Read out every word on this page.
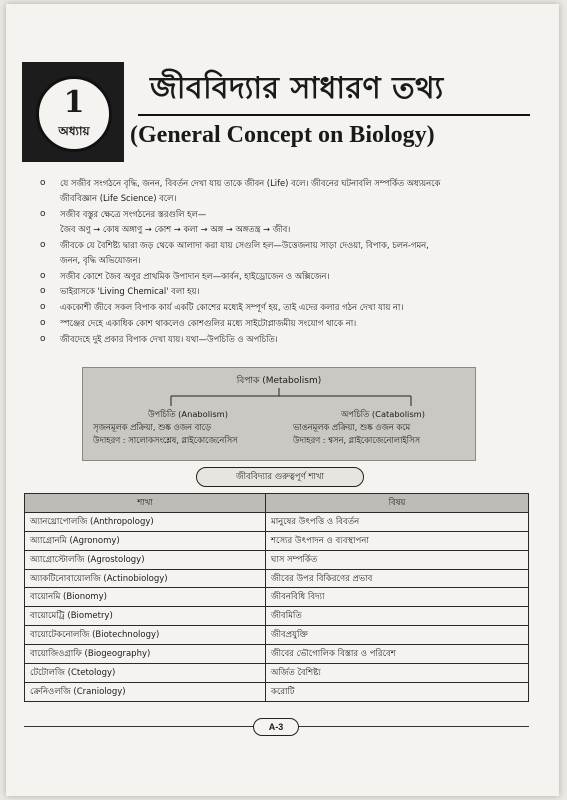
1
অধ্যায়
জীববিদ্যার সাধারণ তথ্য
(General Concept on Biology)
o যে সজীব সংগঠনে বৃদ্ধি, জনন, বিবর্তন দেখা যায় তাকে জীবন (Life) বলে। জীবনের ঘটনাবলি সম্পর্কিত অধ্যয়নকে
জীববিজ্ঞান (Life Science) বলে।
o সজীব বস্তুর ক্ষেত্রে সংগঠনের স্তরগুলি হল—
জৈব অণু → কোষ অঙ্গাণু → কোশ → কলা → অঙ্গ → অঙ্গতন্ত্র → জীব।
o জীবকে যে বৈশিষ্ট্য দ্বারা জড় থেকে আলাদা করা যায় সেগুলি হল—উত্তেজনায় সাড়া দেওয়া, বিপাক, চলন-গমন,
জনন, বৃদ্ধি অভিযোজন।
o সজীব কোশে জৈব অণুর প্রাথমিক উপাদান হল—কার্বন, হাইড্রোজেন ও অক্সিজেন।
o ভাইরাসকে 'Living Chemical' বলা হয়।
o এককোশী জীবে সকল বিপাক কার্য একটি কোশের মধ্যেই সম্পূর্ণ হয়, তাই এদের কলার গঠন দেখা যায় না।
o স্পঞ্জের দেহে একাধিক কোশ থাকলেও কোশগুলির মধ্যে সাইটোপ্লাজমীয় সংযোগ থাকে না।
o জীবদেহে দুই প্রকার বিপাক দেখা যায়। যথা—উপচিতি ও অপচিতি।
বিপাক (Metabolism)
উপচিতি (Anabolism)
সৃজনমূলক প্রক্রিয়া, শুষ্ক ওজন বাড়ে
উদাহরণ : সালোকসংশ্লেষ, গ্লাইকোজেনেসিস
অপচিতি (Catabolism)
ভাঙনমূলক প্রক্রিয়া, শুষ্ক ওজন কমে
উদাহরণ : শ্বসন, গ্লাইকোজেনোলাইসিস
জীববিদ্যার গুরুত্বপূর্ণ শাখা
শাখা	বিষয়
অ্যানথ্রোপোলজি (Anthropology)	মানুষের উৎপত্তি ও বিবর্তন
অ্যাগ্রোনমি (Agronomy)	শস্যের উৎপাদন ও ব্যবস্থাপনা
অ্যাগ্রোস্টোলজি (Agrostology)	ঘাস সম্পর্কিত
অ্যাকটিনোবায়োলজি (Actinobiology)	জীবের উপর বিকিরণের প্রভাব
বায়োনমি (Bionomy)	জীবনবিধি বিদ্যা
বায়োমেট্রি (Biometry)	জীবমিতি
বায়োটেকনোলজি (Biotechnology)	জীবপ্রযুক্তি
বায়োজিওগ্রাফি (Biogeography)	জীবের ভৌগোলিক বিস্তার ও পরিবেশ
টেটোলজি (Ctetology)	অর্জিত বৈশিষ্ট্য
ক্রেনিওলজি (Craniology)	করোটি
A-3
